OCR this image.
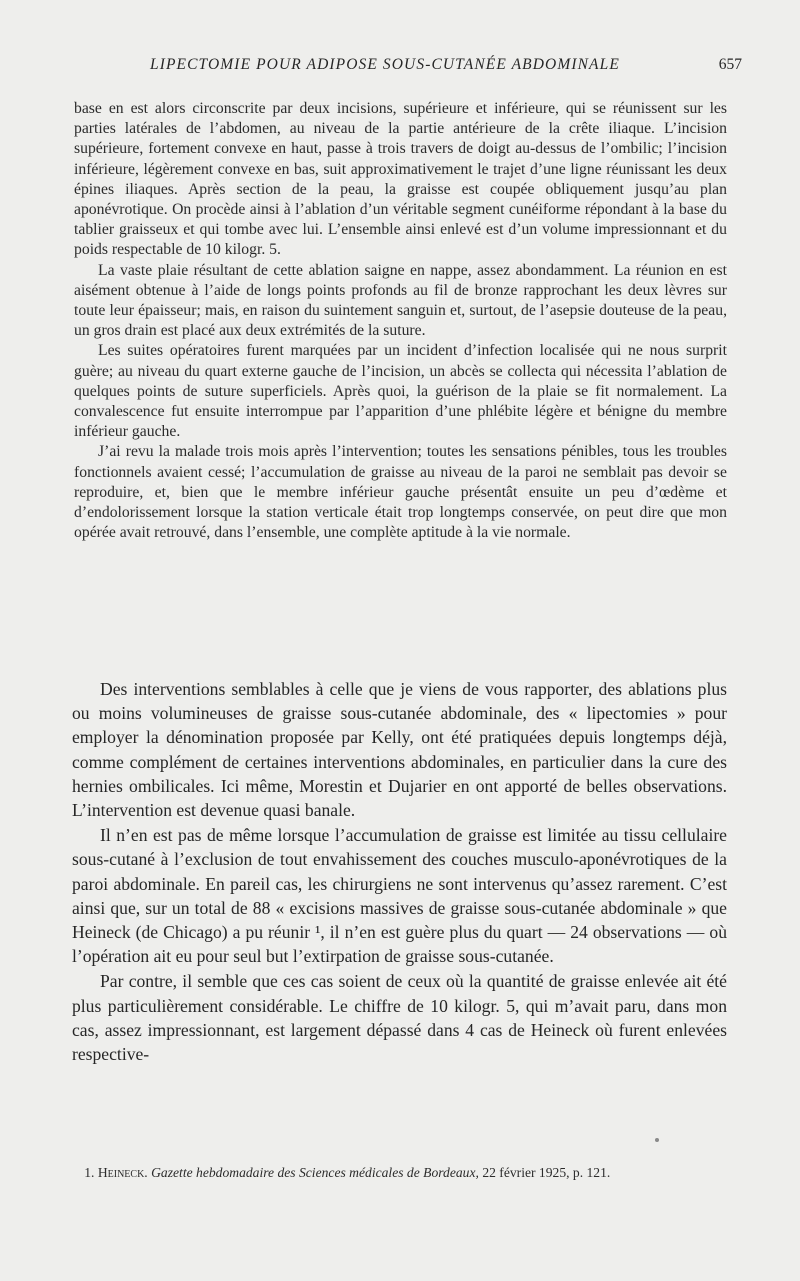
LIPECTOMIE POUR ADIPOSE SOUS-CUTANÉE ABDOMINALE	657

base en est alors circonscrite par deux incisions, supérieure et inférieure, qui se réunissent sur les parties latérales de l’abdomen, au niveau de la partie antérieure de la crête iliaque. L’incision supérieure, fortement convexe en haut, passe à trois travers de doigt au-dessus de l’ombilic; l’incision inférieure, légèrement convexe en bas, suit approximativement le trajet d’une ligne réunissant les deux épines iliaques. Après section de la peau, la graisse est coupée obliquement jusqu’au plan aponévrotique. On procède ainsi à l’ablation d’un véritable segment cunéiforme répondant à la base du tablier graisseux et qui tombe avec lui. L’ensemble ainsi enlevé est d’un volume impressionnant et du poids respectable de 10 kilogr. 5.

La vaste plaie résultant de cette ablation saigne en nappe, assez abondamment. La réunion en est aisément obtenue à l’aide de longs points profonds au fil de bronze rapprochant les deux lèvres sur toute leur épaisseur; mais, en raison du suintement sanguin et, surtout, de l’asepsie douteuse de la peau, un gros drain est placé aux deux extrémités de la suture.

Les suites opératoires furent marquées par un incident d’infection localisée qui ne nous surprit guère; au niveau du quart externe gauche de l’incision, un abcès se collecta qui nécessita l’ablation de quelques points de suture superficiels. Après quoi, la guérison de la plaie se fit normalement. La convalescence fut ensuite interrompue par l’apparition d’une phlébite légère et bénigne du membre inférieur gauche.

J’ai revu la malade trois mois après l’intervention; toutes les sensations pénibles, tous les troubles fonctionnels avaient cessé; l’accumulation de graisse au niveau de la paroi ne semblait pas devoir se reproduire, et, bien que le membre inférieur gauche présentât ensuite un peu d’œdème et d’endolorissement lorsque la station verticale était trop longtemps conservée, on peut dire que mon opérée avait retrouvé, dans l’ensemble, une complète aptitude à la vie normale.

Des interventions semblables à celle que je viens de vous rapporter, des ablations plus ou moins volumineuses de graisse sous-cutanée abdominale, des « lipectomies » pour employer la dénomination proposée par Kelly, ont été pratiquées depuis longtemps déjà, comme complément de certaines interventions abdominales, en particulier dans la cure des hernies ombilicales. Ici même, Morestin et Dujarier en ont apporté de belles observations. L’intervention est devenue quasi banale.

Il n’en est pas de même lorsque l’accumulation de graisse est limitée au tissu cellulaire sous-cutané à l’exclusion de tout envahissement des couches musculo-aponévrotiques de la paroi abdominale. En pareil cas, les chirurgiens ne sont intervenus qu’assez rarement. C’est ainsi que, sur un total de 88 « excisions massives de graisse sous-cutanée abdominale » que Heineck (de Chicago) a pu réunir ¹, il n’en est guère plus du quart — 24 observations — où l’opération ait eu pour seul but l’extirpation de graisse sous-cutanée.

Par contre, il semble que ces cas soient de ceux où la quantité de graisse enlevée ait été plus particulièrement considérable. Le chiffre de 10 kilogr. 5, qui m’avait paru, dans mon cas, assez impressionnant, est largement dépassé dans 4 cas de Heineck où furent enlevées respective-

1. Heineck. Gazette hebdomadaire des Sciences médicales de Bordeaux, 22 février 1925, p. 121.
